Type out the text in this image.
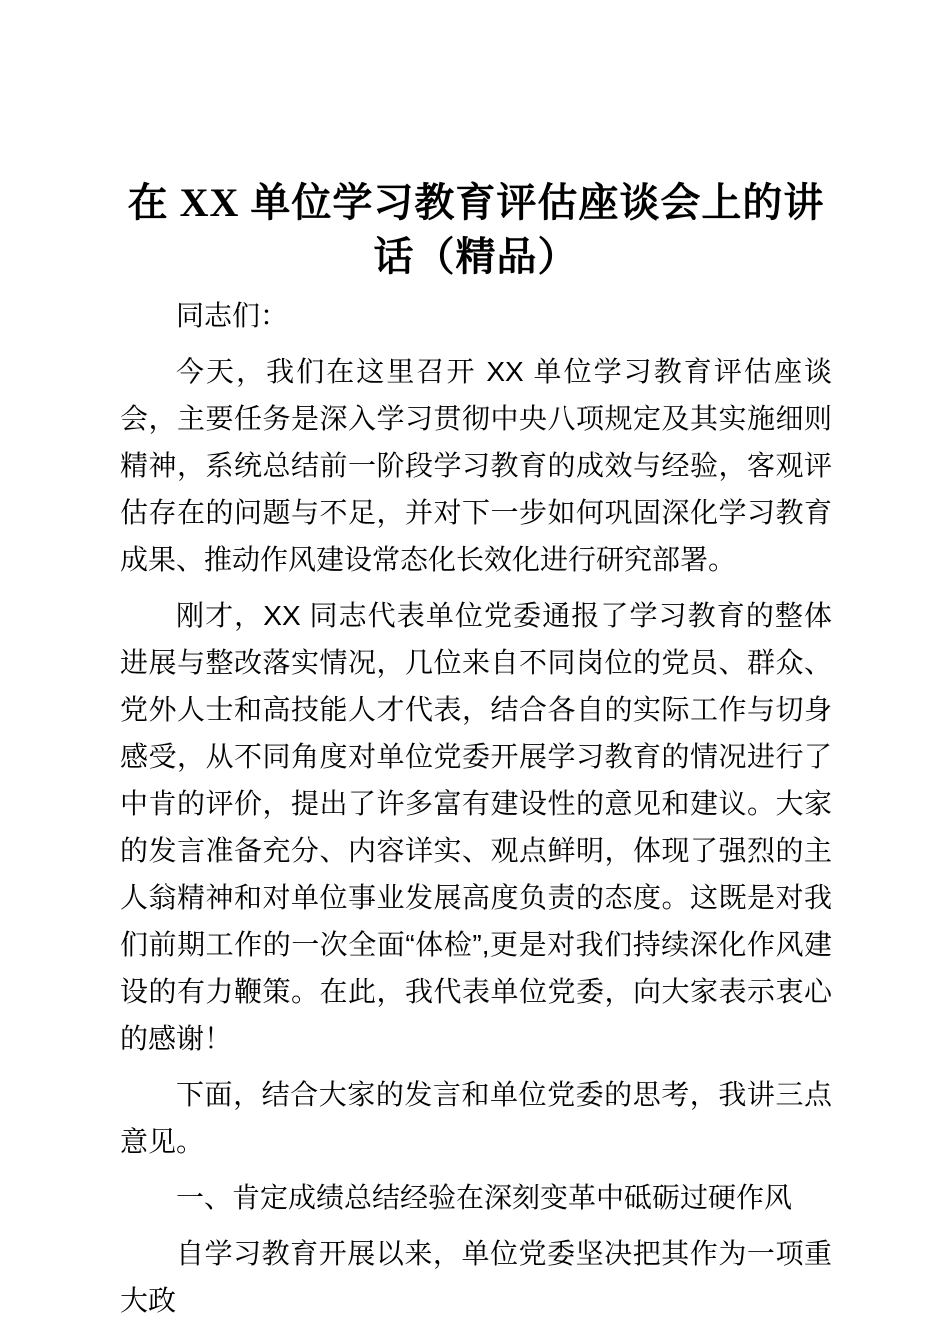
在 XX 单位学习教育评估座谈会上的讲话（精品）

同志们：

今天，我们在这里召开 XX 单位学习教育评估座谈会，主要任务是深入学习贯彻中央八项规定及其实施细则精神，系统总结前一阶段学习教育的成效与经验，客观评估存在的问题与不足，并对下一步如何巩固深化学习教育成果、推动作风建设常态化长效化进行研究部署。

刚才，XX 同志代表单位党委通报了学习教育的整体进展与整改落实情况，几位来自不同岗位的党员、群众、党外人士和高技能人才代表，结合各自的实际工作与切身感受，从不同角度对单位党委开展学习教育的情况进行了中肯的评价，提出了许多富有建设性的意见和建议。大家的发言准备充分、内容详实、观点鲜明，体现了强烈的主人翁精神和对单位事业发展高度负责的态度。这既是对我们前期工作的一次全面“体检”,更是对我们持续深化作风建设的有力鞭策。在此，我代表单位党委，向大家表示衷心的感谢！

下面，结合大家的发言和单位党委的思考，我讲三点意见。

一、肯定成绩总结经验在深刻变革中砥砺过硬作风

自学习教育开展以来，单位党委坚决把其作为一项重大政
